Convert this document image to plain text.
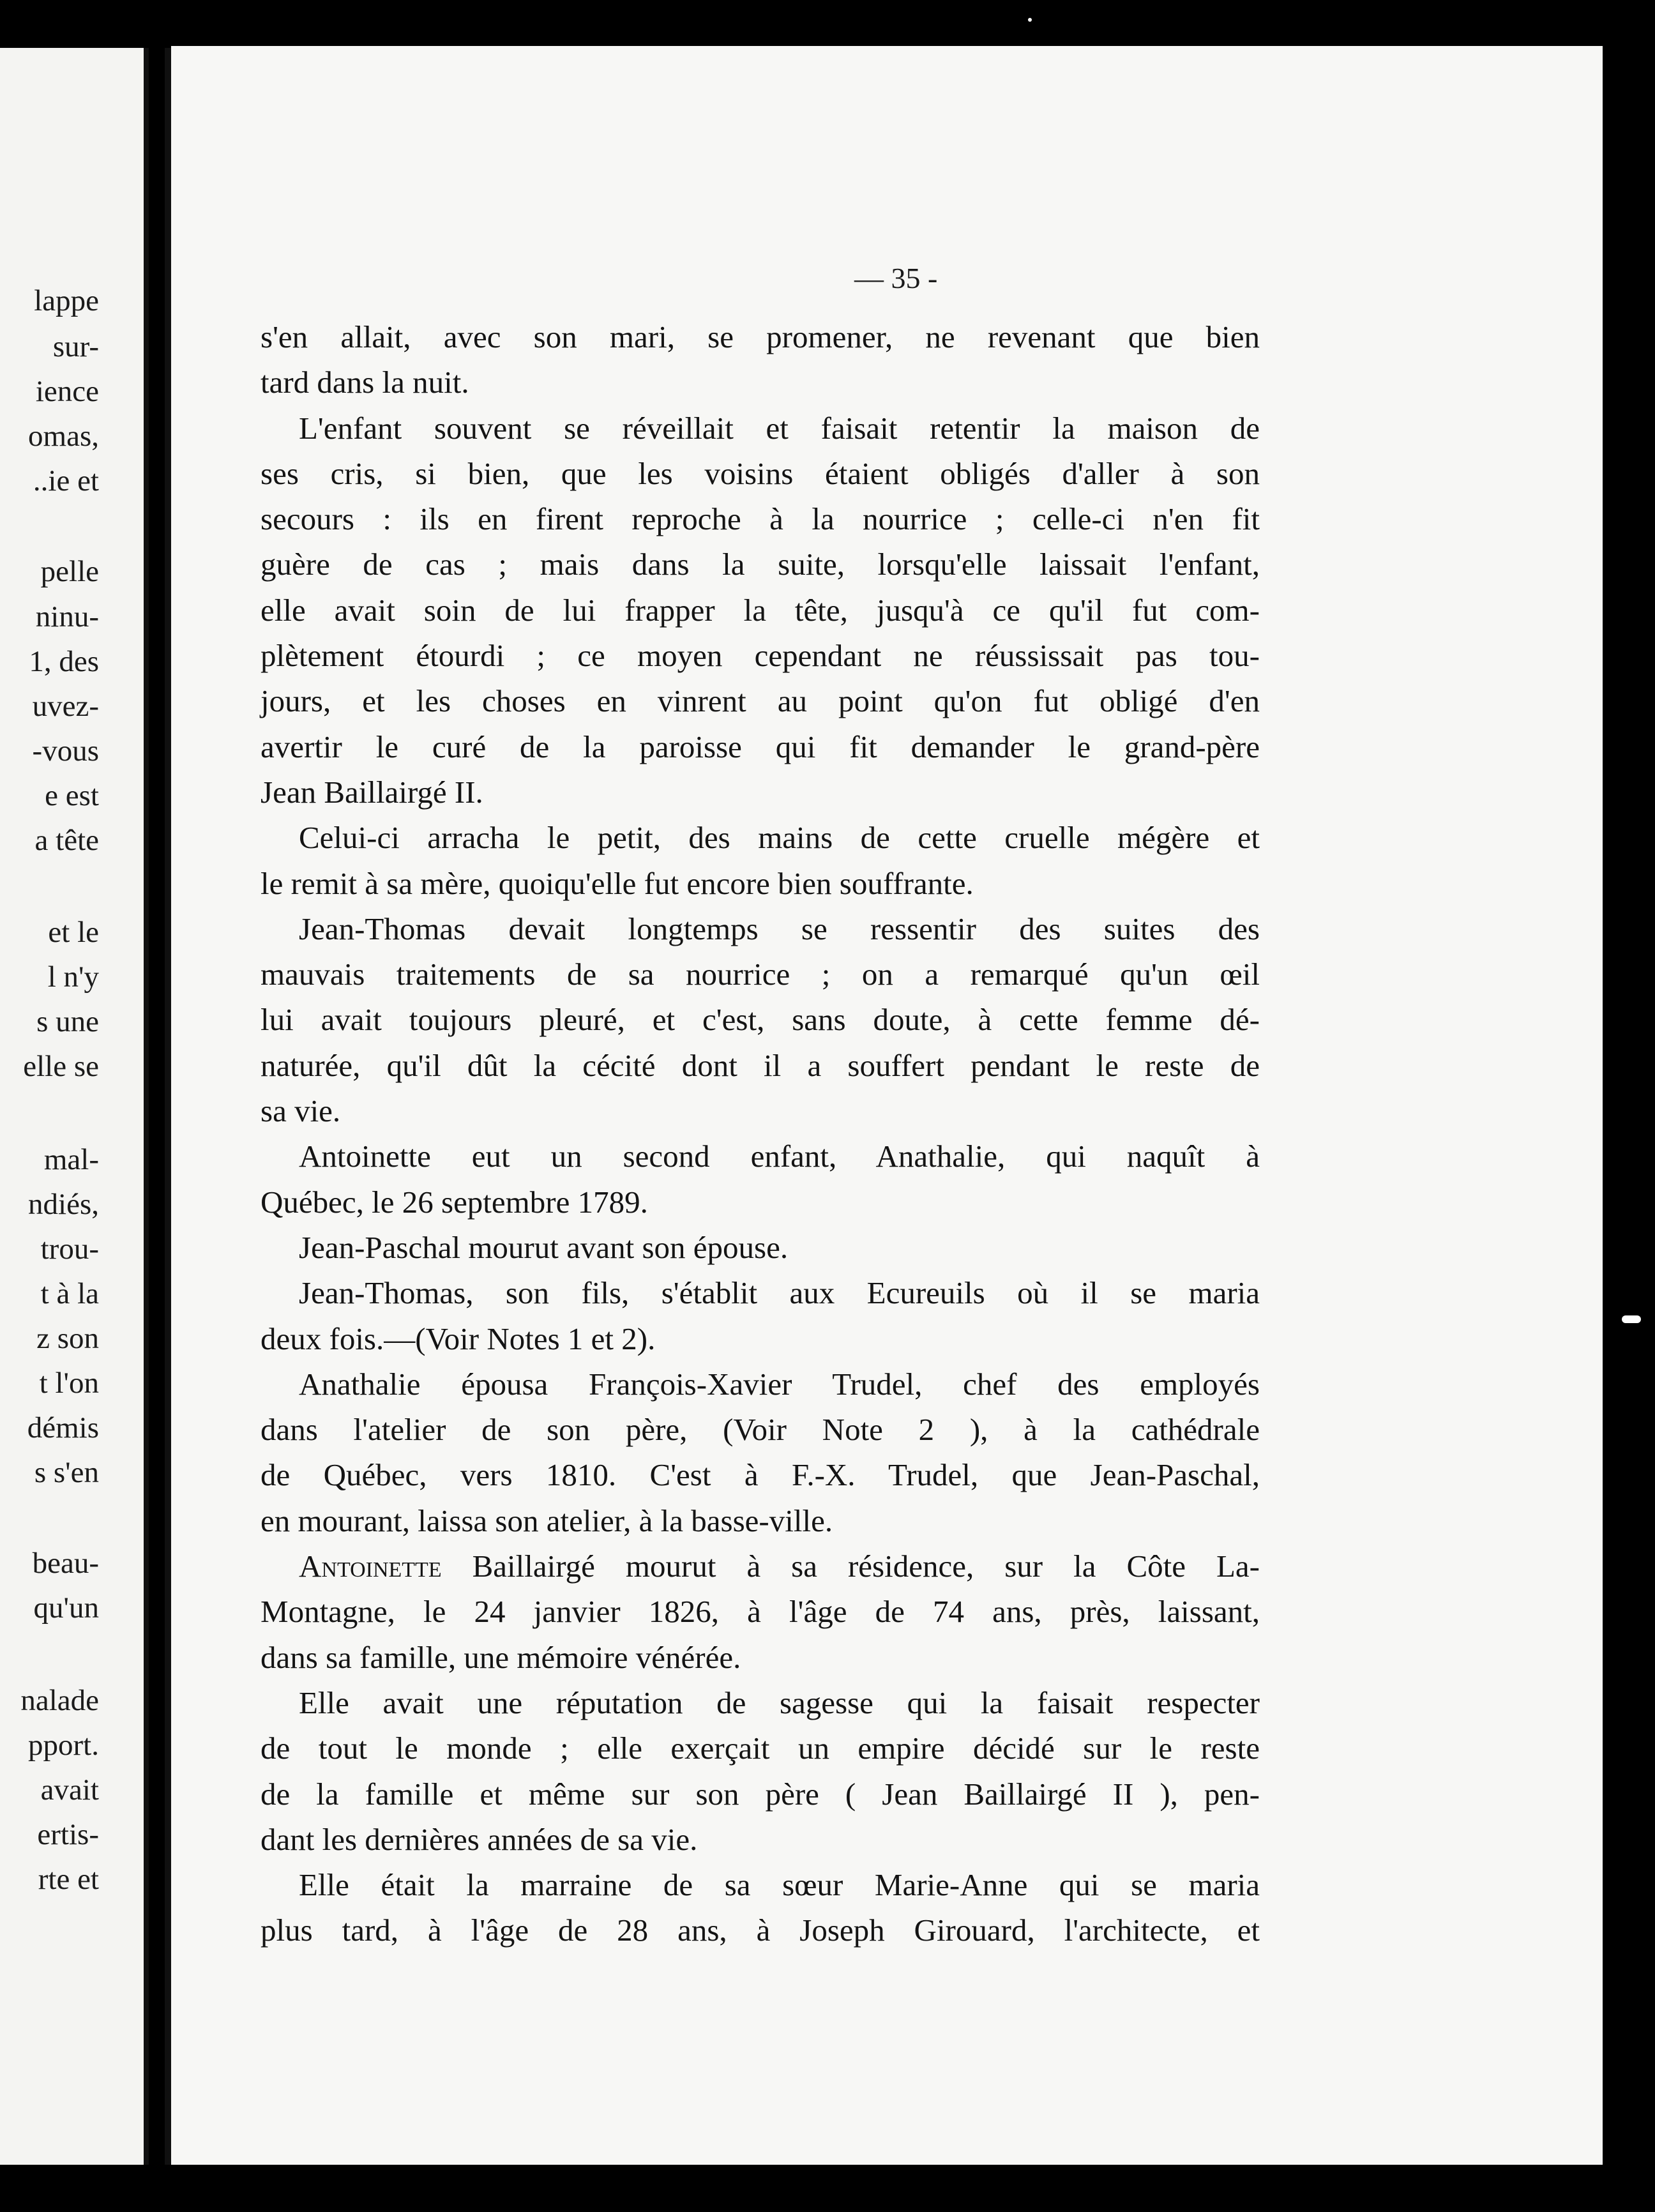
lappe
sur-
ience
omas,
..ie et
pelle
ninu-
1, des
uvez-
-vous
e est
a tête
et le
l n'y
s une
elle se
mal-
ndiés,
trou-
t à la
z son
t l'on
démis
s s'en
beau-
qu'un
nalade
pport.
avait
ertis-
rte et
— 35 -
s'en allait, avec son mari, se promener, ne revenant que bien
tard dans la nuit.
L'enfant souvent se réveillait et faisait retentir la maison de
ses cris, si bien, que les voisins étaient obligés d'aller à son
secours : ils en firent reproche à la nourrice ; celle-ci n'en fit
guère de cas ; mais dans la suite, lorsqu'elle laissait l'enfant,
elle avait soin de lui frapper la tête, jusqu'à ce qu'il fut com-
plètement étourdi ; ce moyen cependant ne réussissait pas tou-
jours, et les choses en vinrent au point qu'on fut obligé d'en
avertir le curé de la paroisse qui fit demander le grand-père
Jean Baillairgé II.
Celui-ci arracha le petit, des mains de cette cruelle mégère et
le remit à sa mère, quoiqu'elle fut encore bien souffrante.
Jean-Thomas devait longtemps se ressentir des suites des
mauvais traitements de sa nourrice ; on a remarqué qu'un œil
lui avait toujours pleuré, et c'est, sans doute, à cette femme dé-
naturée, qu'il dût la cécité dont il a souffert pendant le reste de
sa vie.
Antoinette eut un second enfant, Anathalie, qui naquît à
Québec, le 26 septembre 1789.
Jean-Paschal mourut avant son épouse.
Jean-Thomas, son fils, s'établit aux Ecureuils où il se maria
deux fois.—(Voir Notes 1 et 2).
Anathalie épousa François-Xavier Trudel, chef des employés
dans l'atelier de son père, (Voir Note 2 ), à la cathédrale
de Québec, vers 1810. C'est à F.-X. Trudel, que Jean-Paschal,
en mourant, laissa son atelier, à la basse-ville.
Antoinette Baillairgé mourut à sa résidence, sur la Côte La-
Montagne, le 24 janvier 1826, à l'âge de 74 ans, près, laissant,
dans sa famille, une mémoire vénérée.
Elle avait une réputation de sagesse qui la faisait respecter
de tout le monde ; elle exerçait un empire décidé sur le reste
de la famille et même sur son père ( Jean Baillairgé II ), pen-
dant les dernières années de sa vie.
Elle était la marraine de sa sœur Marie-Anne qui se maria
plus tard, à l'âge de 28 ans, à Joseph Girouard, l'architecte, et
